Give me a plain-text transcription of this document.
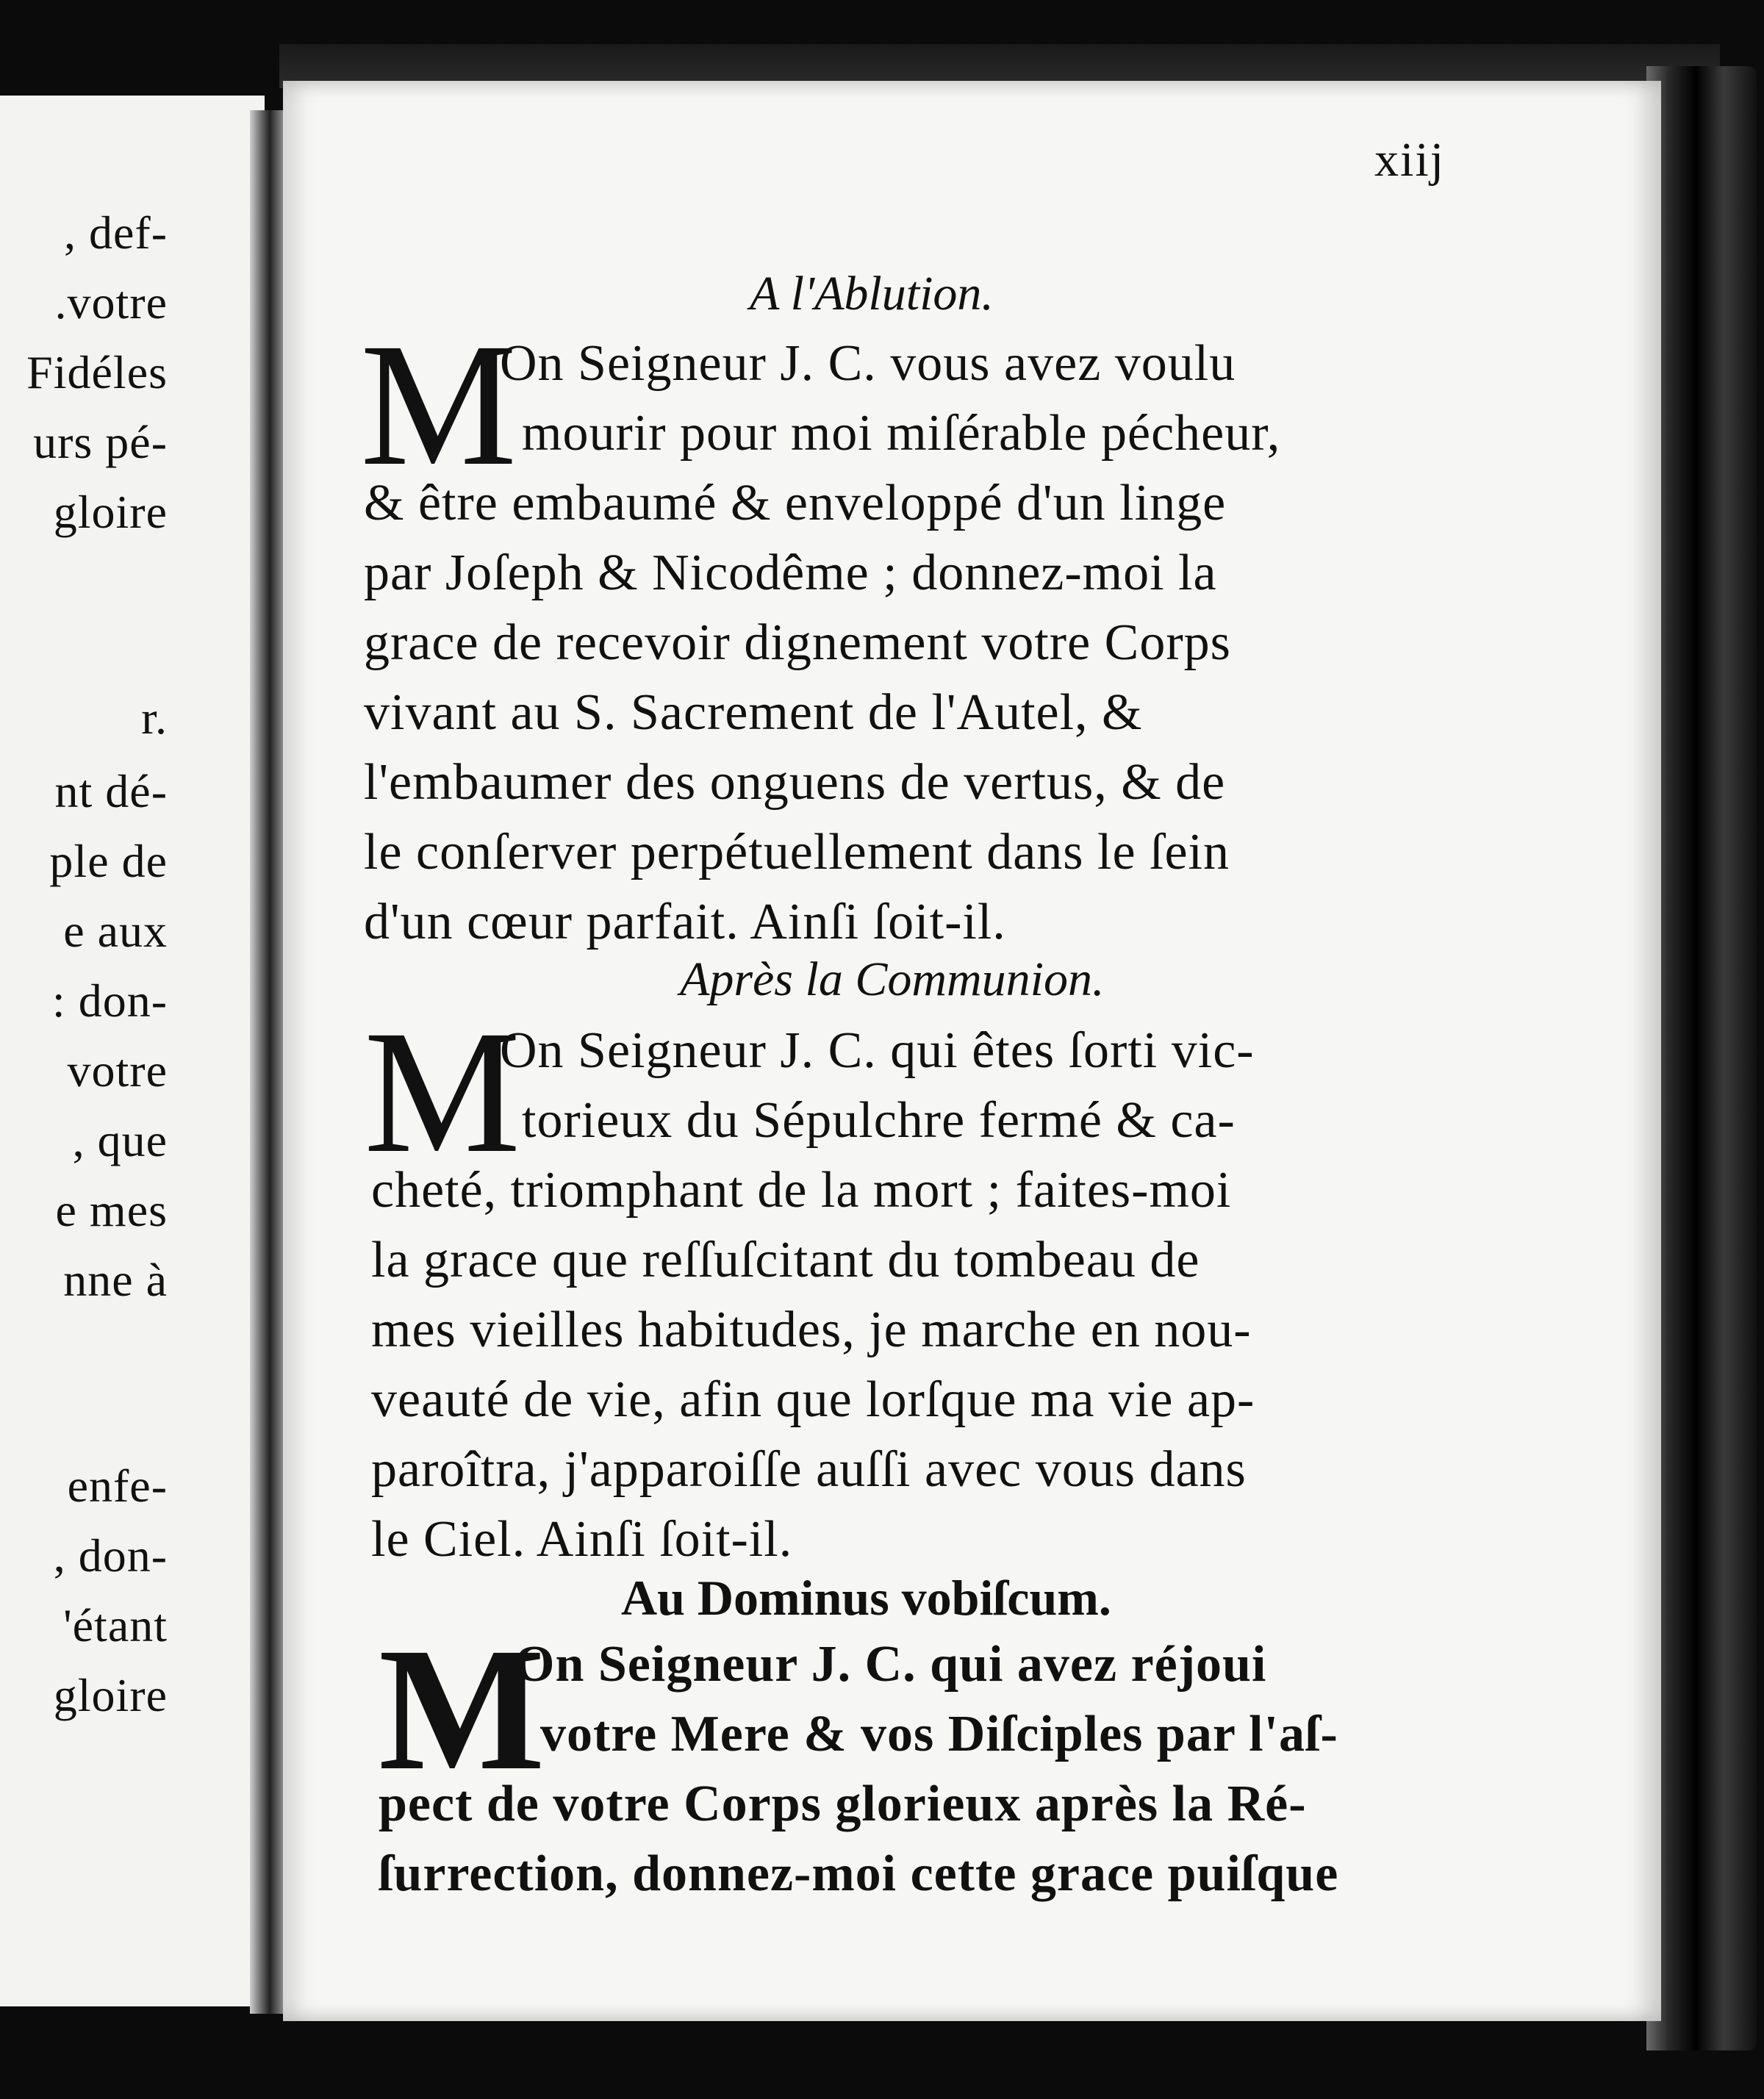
, def-
.votre
Fidéles
urs pé-
gloire
r.
nt dé-
ple de
e aux
: don-
votre
, que
e mes
nne à
enfe-
, don-
'étant
gloire
xiij
A l'Ablution.
M
On Seigneur J. C. vous avez voulu
mourir pour moi miſérable pécheur,
& être embaumé & enveloppé d'un linge
par Joſeph & Nicodême ; donnez-moi la
grace de recevoir dignement votre Corps
vivant au S. Sacrement de l'Autel, &
l'embaumer des onguens de vertus, & de
le conſerver perpétuellement dans le ſein
d'un cœur parfait. Ainſi ſoit-il.
Après la Communion.
M
On Seigneur J. C. qui êtes ſorti vic-
torieux du Sépulchre fermé & ca-
cheté, triomphant de la mort ; faites-moi
la grace que reſſuſcitant du tombeau de
mes vieilles habitudes, je marche en nou-
veauté de vie, afin que lorſque ma vie ap-
paroîtra, j'apparoiſſe auſſi avec vous dans
le Ciel. Ainſi ſoit-il.
Au Dominus vobiſcum.
M
On Seigneur J. C. qui avez réjoui
votre Mere & vos Diſciples par l'aſ-
pect de votre Corps glorieux après la Ré-
ſurrection, donnez-moi cette grace puiſque
